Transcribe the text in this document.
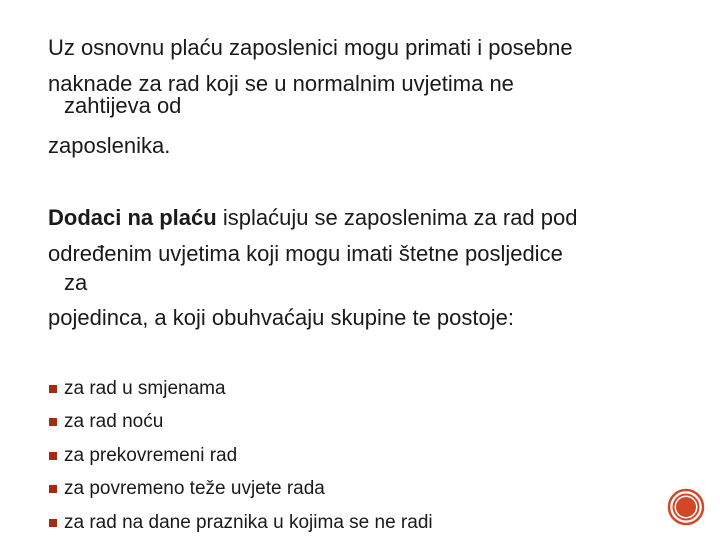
Uz osnovnu plaću zaposlenici mogu primati i posebne
naknade za rad koji se u normalnim uvjetima ne
zahtijeva od
zaposlenika.
Dodaci na plaću isplaćuju se zaposlenima za rad pod
određenim uvjetima koji mogu imati štetne posljedice
za
pojedinca, a koji obuhvaćaju skupine te postoje:
za rad u smjenama
za rad noću
za prekovremeni rad
za povremeno teže uvjete rada
za rad na dane praznika u kojima se ne radi
